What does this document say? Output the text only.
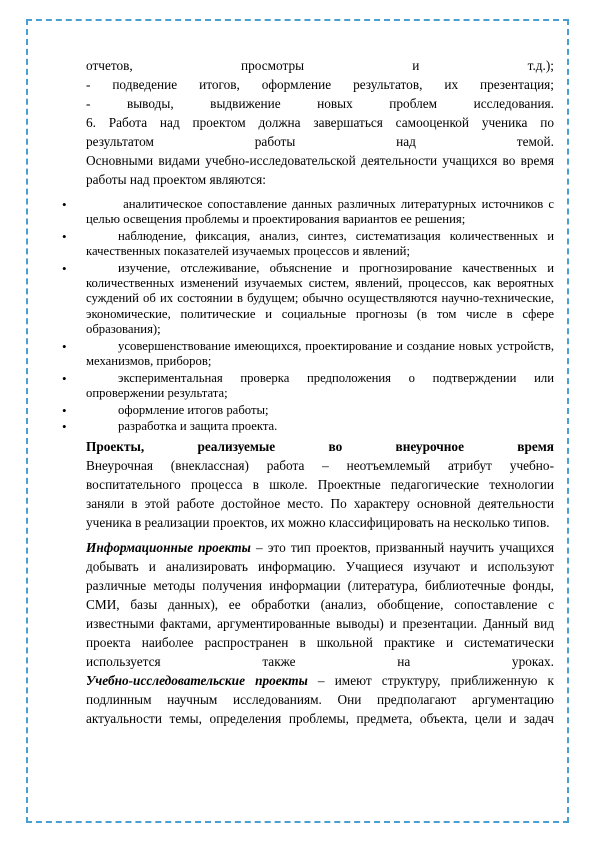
отчетов, просмотры и т.д.);

- подведение итогов, оформление результатов, их презентация;

- выводы, выдвижение новых проблем исследования.

6. Работа над проектом должна завершаться самооценкой ученика по

результатом работы над темой.

Основными видами учебно-исследовательской деятельности учащихся во время работы над проектом являются:

•	аналитическое сопоставление данных различных литературных источников с целью освещения проблемы и проектирования вариантов ее решения;
•	наблюдение, фиксация, анализ, синтез, систематизация количественных и качественных показателей изучаемых процессов и явлений;
•	изучение, отслеживание, объяснение и прогнозирование качественных и количественных изменений изучаемых систем, явлений, процессов, как вероятных суждений об их состоянии в будущем; обычно осуществляются научно-технические, экономические, политические и социальные прогнозы (в том числе в сфере образования);
•	усовершенствование имеющихся, проектирование и создание новых устройств, механизмов, приборов;
•	экспериментальная проверка предположения о подтверждении или опровержении результата;
•	оформление итогов работы;
•	разработка и защита проекта.

Проекты, реализуемые во внеурочное время

Внеурочная (внеклассная) работа – неотъемлемый атрибут учебно-воспитательного процесса в школе. Проектные педагогические технологии заняли в этой работе достойное место. По характеру основной деятельности ученика в реализации проектов, их можно классифицировать на несколько типов.

Информационные проекты – это тип проектов, призванный научить учащихся добывать и анализировать информацию. Учащиеся изучают и используют различные методы получения информации (литература, библиотечные фонды, СМИ, базы данных), ее обработки (анализ, обобщение, сопоставление с известными фактами, аргументированные выводы) и презентации. Данный вид проекта наиболее распространен в школьной практике и систематически используется также на уроках.

Учебно-исследовательские проекты – имеют структуру, приближенную к подлинным научным исследованиям. Они предполагают аргументацию актуальности темы, определения проблемы, предмета, объекта, цели и задач
